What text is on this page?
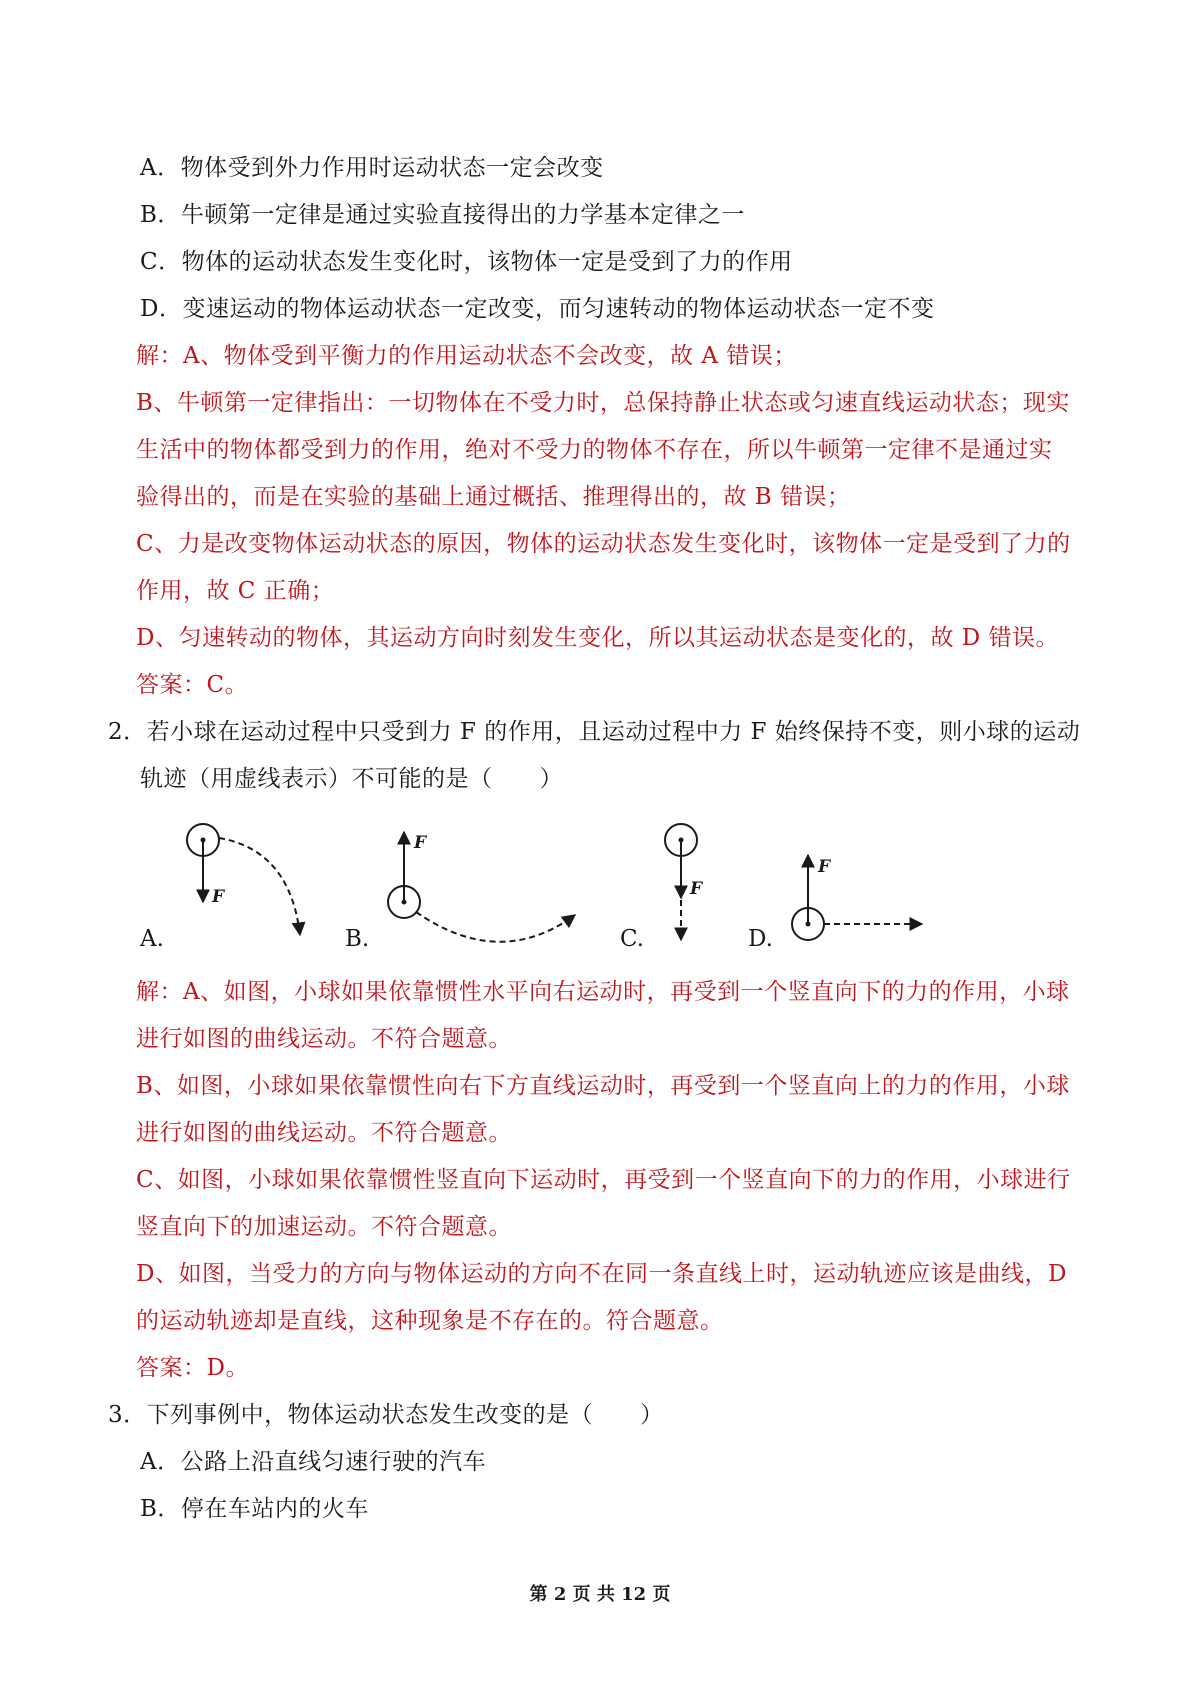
A．物体受到外力作用时运动状态一定会改变
B．牛顿第一定律是通过实验直接得出的力学基本定律之一
C．物体的运动状态发生变化时，该物体一定是受到了力的作用
D．变速运动的物体运动状态一定改变，而匀速转动的物体运动状态一定不变
解：A、物体受到平衡力的作用运动状态不会改变，故 A 错误；
B、牛顿第一定律指出：一切物体在不受力时，总保持静止状态或匀速直线运动状态；现实
生活中的物体都受到力的作用，绝对不受力的物体不存在，所以牛顿第一定律不是通过实
验得出的，而是在实验的基础上通过概括、推理得出的，故 B 错误；
C、力是改变物体运动状态的原因，物体的运动状态发生变化时，该物体一定是受到了力的
作用，故 C 正确；
D、匀速转动的物体，其运动方向时刻发生变化，所以其运动状态是变化的，故 D 错误。
答案：C。
2．若小球在运动过程中只受到力 F 的作用，且运动过程中力 F 始终保持不变，则小球的运动
轨迹（用虚线表示）不可能的是（　　）
F
F
F
F
A.	B.	C.	D.
解：A、如图，小球如果依靠惯性水平向右运动时，再受到一个竖直向下的力的作用，小球
进行如图的曲线运动。不符合题意。
B、如图，小球如果依靠惯性向右下方直线运动时，再受到一个竖直向上的力的作用，小球
进行如图的曲线运动。不符合题意。
C、如图，小球如果依靠惯性竖直向下运动时，再受到一个竖直向下的力的作用，小球进行
竖直向下的加速运动。不符合题意。
D、如图，当受力的方向与物体运动的方向不在同一条直线上时，运动轨迹应该是曲线，D
的运动轨迹却是直线，这种现象是不存在的。符合题意。
答案：D。
3．下列事例中，物体运动状态发生改变的是（　　）
A．公路上沿直线匀速行驶的汽车
B．停在车站内的火车
第 2 页 共 12 页
